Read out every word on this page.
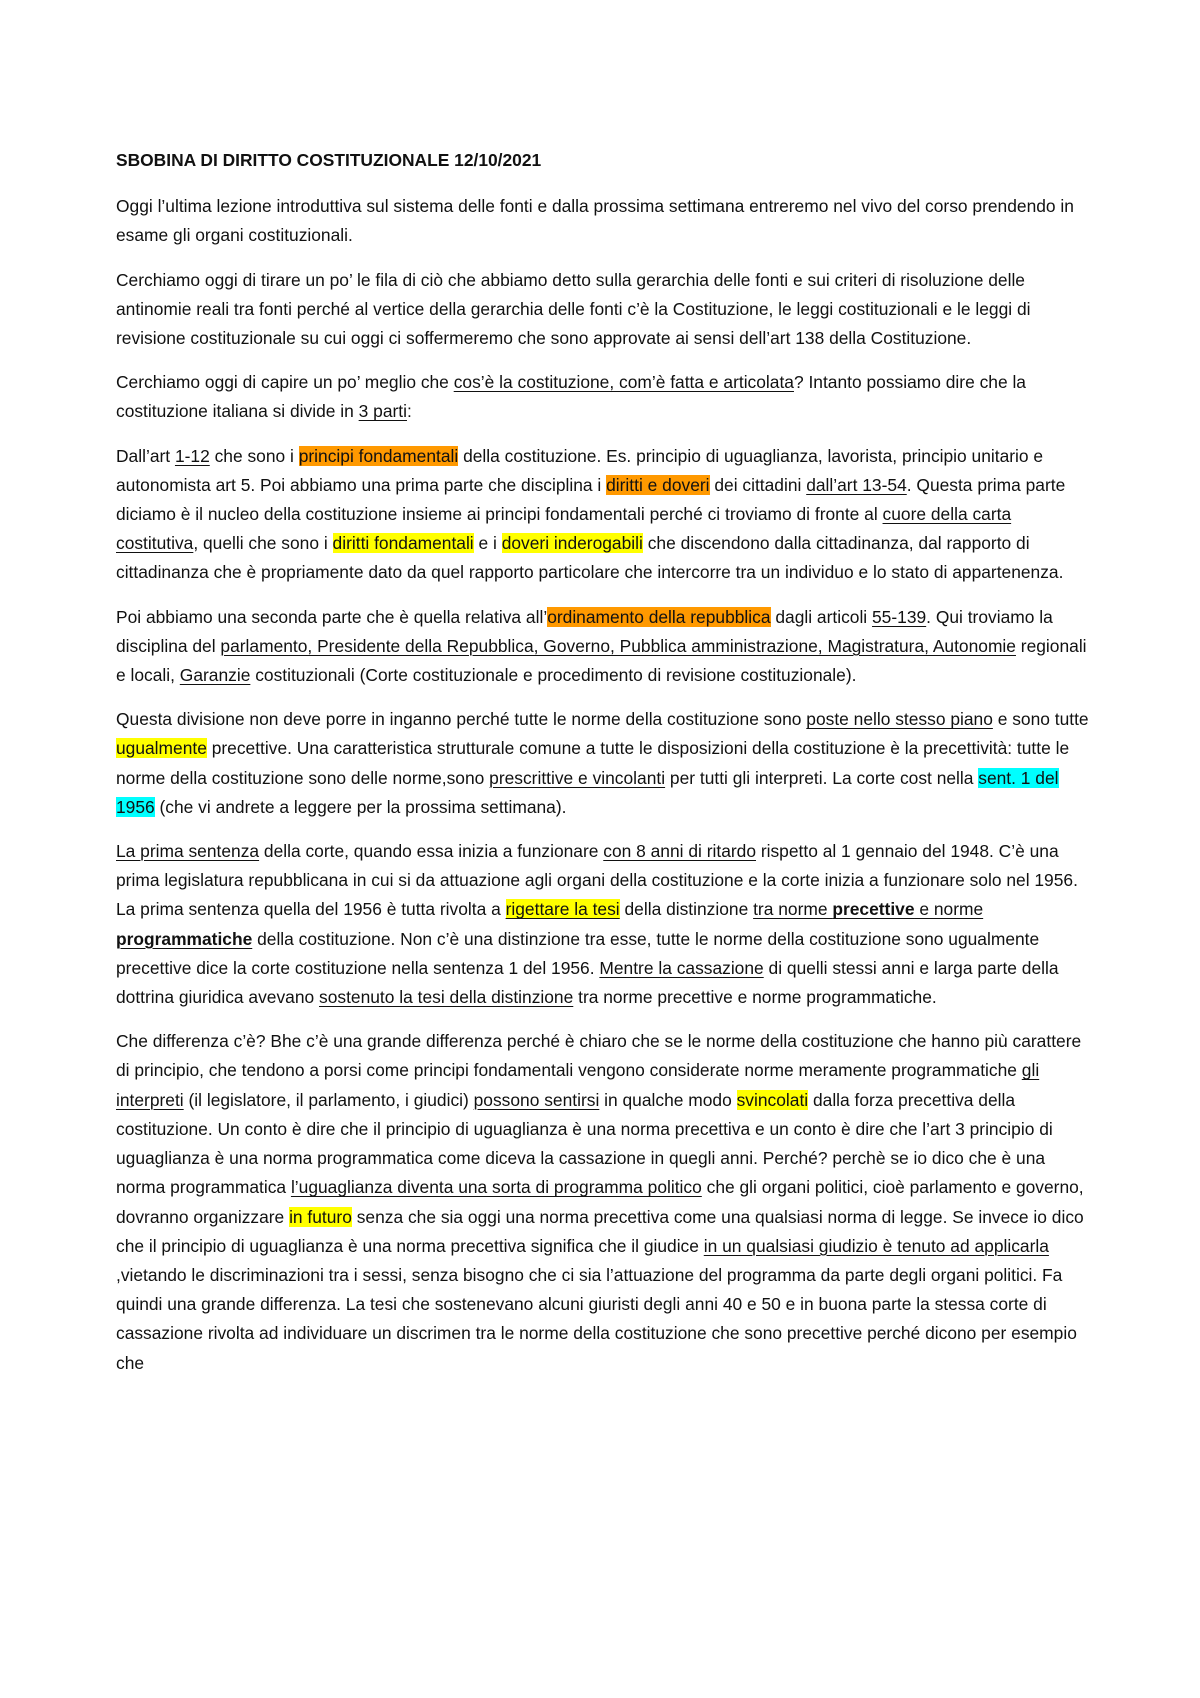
SBOBINA DI DIRITTO COSTITUZIONALE 12/10/2021

Oggi l’ultima lezione introduttiva sul sistema delle fonti e dalla prossima settimana entreremo nel vivo del corso prendendo in esame gli organi costituzionali.

Cerchiamo oggi di tirare un po’ le fila di ciò che abbiamo detto sulla gerarchia delle fonti e sui criteri di risoluzione delle antinomie reali tra fonti perché al vertice della gerarchia delle fonti c’è la Costituzione, le leggi costituzionali e le leggi di revisione costituzionale su cui oggi ci soffermeremo che sono approvate ai sensi dell’art 138 della Costituzione.

Cerchiamo oggi di capire un po’ meglio che cos’è la costituzione, com’è fatta e articolata? Intanto possiamo dire che la costituzione italiana si divide in 3 parti:

Dall’art 1-12 che sono i principi fondamentali della costituzione. Es. principio di uguaglianza, lavorista, principio unitario e autonomista art 5. Poi abbiamo una prima parte che disciplina i diritti e doveri dei cittadini dall’art 13-54. Questa prima parte diciamo è il nucleo della costituzione insieme ai principi fondamentali perché ci troviamo di fronte al cuore della carta costitutiva, quelli che sono i diritti fondamentali e i doveri inderogabili che discendono dalla cittadinanza, dal rapporto di cittadinanza che è propriamente dato da quel rapporto particolare che intercorre tra un individuo e lo stato di appartenenza.

Poi abbiamo una seconda parte che è quella relativa all’ordinamento della repubblica dagli articoli 55-139. Qui troviamo la disciplina del parlamento, Presidente della Repubblica, Governo, Pubblica amministrazione, Magistratura, Autonomie regionali e locali, Garanzie costituzionali (Corte costituzionale e procedimento di revisione costituzionale).

Questa divisione non deve porre in inganno perché tutte le norme della costituzione sono poste nello stesso piano e sono tutte ugualmente precettive. Una caratteristica strutturale comune a tutte le disposizioni della costituzione è la precettività: tutte le norme della costituzione sono delle norme,sono prescrittive e vincolanti per tutti gli interpreti. La corte cost nella sent. 1 del 1956 (che vi andrete a leggere per la prossima settimana).

La prima sentenza della corte, quando essa inizia a funzionare con 8 anni di ritardo rispetto al 1 gennaio del 1948. C’è una prima legislatura repubblicana in cui si da attuazione agli organi della costituzione e la corte inizia a funzionare solo nel 1956. La prima sentenza quella del 1956 è tutta rivolta a rigettare la tesi della distinzione tra norme precettive e norme programmatiche della costituzione. Non c’è una distinzione tra esse, tutte le norme della costituzione sono ugualmente precettive dice la corte costituzione nella sentenza 1 del 1956. Mentre la cassazione di quelli stessi anni e larga parte della dottrina giuridica avevano sostenuto la tesi della distinzione tra norme precettive e norme programmatiche.

Che differenza c’è? Bhe c’è una grande differenza perché è chiaro che se le norme della costituzione che hanno più carattere di principio, che tendono a porsi come principi fondamentali vengono considerate norme meramente programmatiche gli interpreti (il legislatore, il parlamento, i giudici) possono sentirsi in qualche modo svincolati dalla forza precettiva della costituzione. Un conto è dire che il principio di uguaglianza è una norma precettiva e un conto è dire che l’art 3 principio di uguaglianza è una norma programmatica come diceva la cassazione in quegli anni. Perché? perchè se io dico che è una norma programmatica l’uguaglianza diventa una sorta di programma politico che gli organi politici, cioè parlamento e governo, dovranno organizzare in futuro senza che sia oggi una norma precettiva come una qualsiasi norma di legge. Se invece io dico che il principio di uguaglianza è una norma precettiva significa che il giudice in un qualsiasi giudizio è tenuto ad applicarla ,vietando le discriminazioni tra i sessi, senza bisogno che ci sia l’attuazione del programma da parte degli organi politici. Fa quindi una grande differenza. La tesi che sostenevano alcuni giuristi degli anni 40 e 50 e in buona parte la stessa corte di cassazione rivolta ad individuare un discrimen tra le norme della costituzione che sono precettive perché dicono per esempio che
